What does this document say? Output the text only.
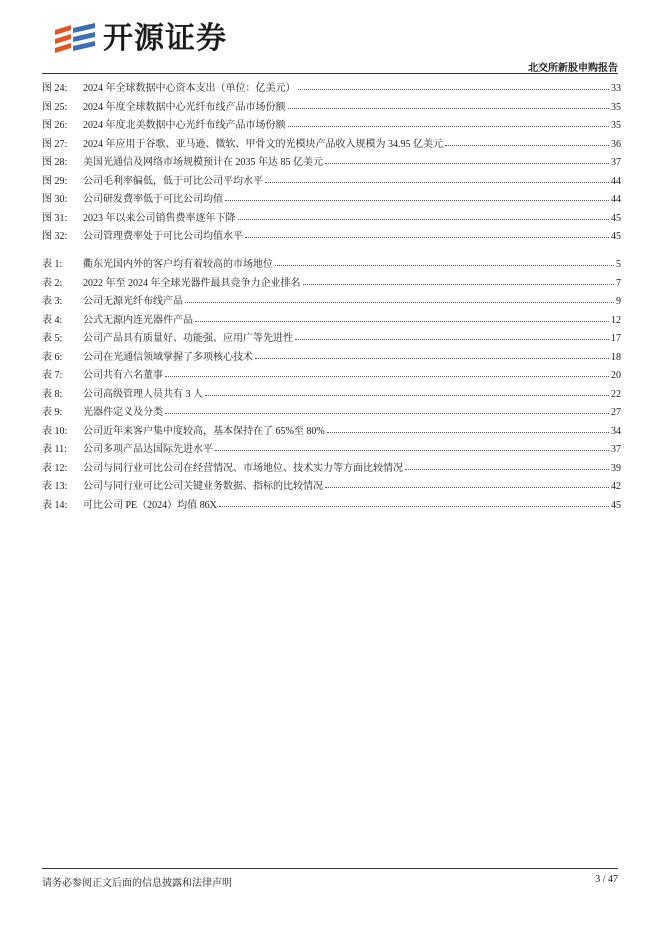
开源证券
北交所新股申购报告
图 24:	2024 年全球数据中心资本支出（单位：亿美元）	33
图 25:	2024 年度全球数据中心光纤布线产品市场份额	35
图 26:	2024 年度北美数据中心光纤布线产品市场份额	35
图 27:	2024 年应用于谷歌、亚马逊、微软、甲骨文的光模块产品收入规模为 34.95 亿美元	36
图 28:	美国光通信及网络市场规模预计在 2035 年达 85 亿美元	37
图 29:	公司毛利率偏低，低于可比公司平均水平	44
图 30:	公司研发费率低于可比公司均值	44
图 31:	2023 年以来公司销售费率逐年下降	45
图 32:	公司管理费率处于可比公司均值水平	45
表 1:	衢东光国内外的客户均有着较高的市场地位	5
表 2:	2022 年至 2024 年全球光器件最具竞争力企业排名	7
表 3:	公司无源光纤布线产品	9
表 4:	公式无源内连光器件产品	12
表 5:	公司产品具有质量好、功能强、应用广等先进性	17
表 6:	公司在光通信领域掌握了多项核心技术	18
表 7:	公司共有六名董事	20
表 8:	公司高级管理人员共有 3 人	22
表 9:	光器件定义及分类	27
表 10:	公司近年来客户集中度较高，基本保持在了 65%至 80%	34
表 11:	公司多项产品达国际先进水平	37
表 12:	公司与同行业可比公司在经营情况、市场地位、技术实力等方面比较情况	39
表 13:	公司与同行业可比公司关键业务数据、指标的比较情况	42
表 14:	可比公司 PE（2024）均值 86X	45
请务必参阅正文后面的信息披露和法律声明	3 / 47
